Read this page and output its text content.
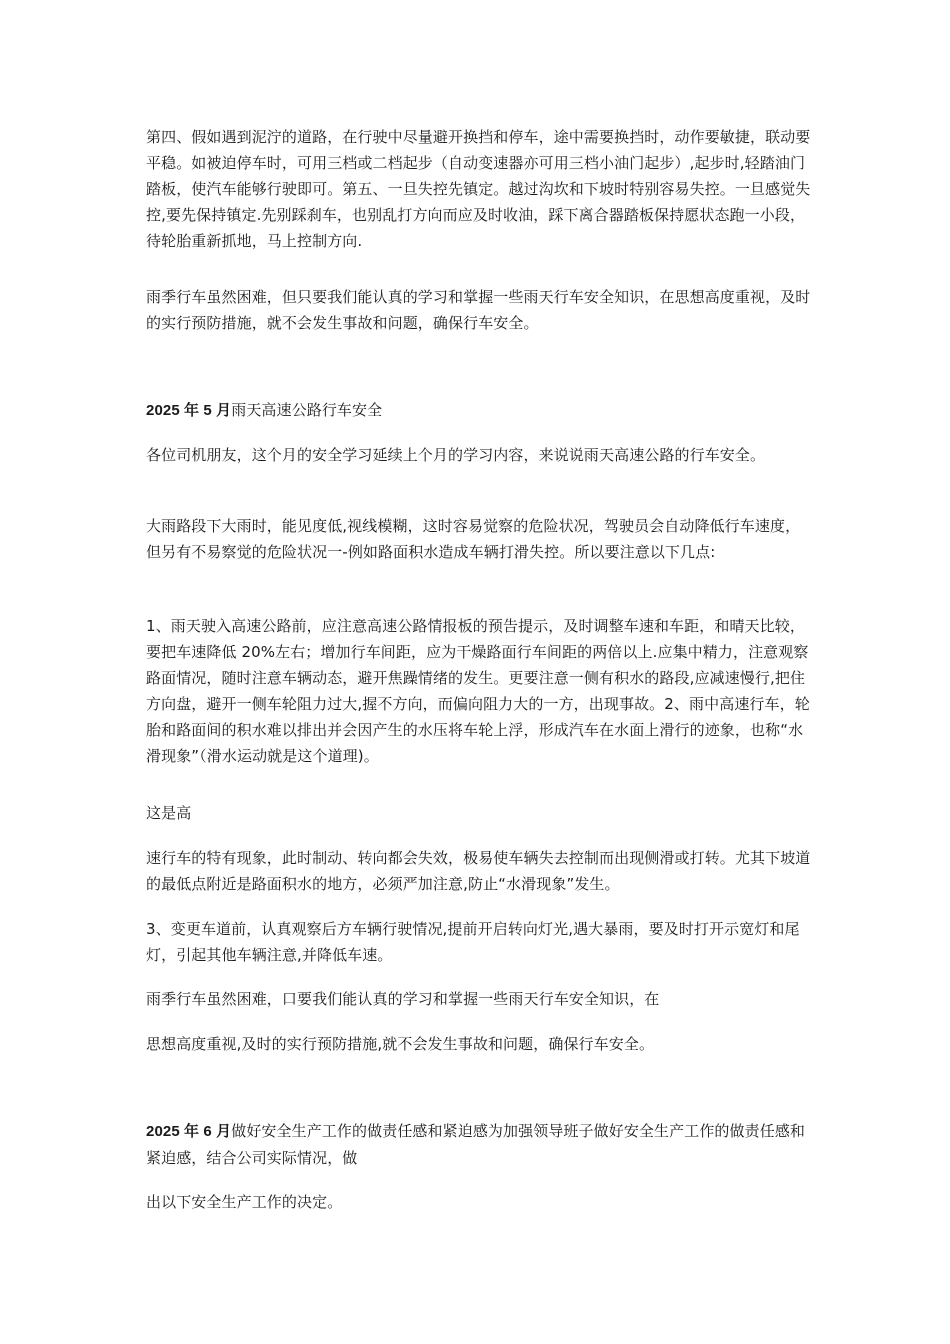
第四、假如遇到泥泞的道路，在行驶中尽量避开换挡和停车，途中需要换挡时，动作要敏捷，联动要平稳。如被迫停车时，可用三档或二档起步（自动变速器亦可用三档小油门起步）,起步时,轻踏油门踏板，使汽车能够行驶即可。第五、一旦失控先镇定。越过沟坎和下坡时特别容易失控。一旦感觉失控,要先保持镇定.先别踩刹车，也别乱打方向而应及时收油，踩下离合器踏板保持愿状态跑一小段，待轮胎重新抓地，马上控制方向.

雨季行车虽然困难，但只要我们能认真的学习和掌握一些雨天行车安全知识，在思想高度重视，及时的实行预防措施，就不会发生事故和问题，确保行车安全。

2025 年 5 月雨天高速公路行车安全

各位司机朋友，这个月的安全学习延续上个月的学习内容，来说说雨天高速公路的行车安全。

大雨路段下大雨时，能见度低,视线模糊，这时容易觉察的危险状况，驾驶员会自动降低行车速度，但另有不易察觉的危险状况一-例如路面积水造成车辆打滑失控。所以要注意以下几点:

1、雨天驶入高速公路前，应注意高速公路情报板的预告提示，及时调整车速和车距，和晴天比较，要把车速降低 20%左右；增加行车间距，应为干燥路面行车间距的两倍以上.应集中精力，注意观察路面情况，随时注意车辆动态，避开焦躁情绪的发生。更要注意一侧有积水的路段,应减速慢行,把住方向盘，避开一侧车轮阻力过大,握不方向，而偏向阻力大的一方，出现事故。2、雨中高速行车，轮胎和路面间的积水难以排出并会因产生的水压将车轮上浮，形成汽车在水面上滑行的迹象，也称“水滑现象”（滑水运动就是这个道理)。

这是高

速行车的特有现象，此时制动、转向都会失效，极易使车辆失去控制而出现侧滑或打转。尤其下坡道的最低点附近是路面积水的地方，必须严加注意,防止“水滑现象”发生。

3、变更车道前，认真观察后方车辆行驶情况,提前开启转向灯光,遇大暴雨，要及时打开示宽灯和尾灯，引起其他车辆注意,并降低车速。

雨季行车虽然困难，口要我们能认真的学习和掌握一些雨天行车安全知识，在

思想高度重视,及时的实行预防措施,就不会发生事故和问题，确保行车安全。

2025 年 6 月做好安全生产工作的做责任感和紧迫感为加强领导班子做好安全生产工作的做责任感和紧迫感，结合公司实际情况，做

出以下安全生产工作的决定。
